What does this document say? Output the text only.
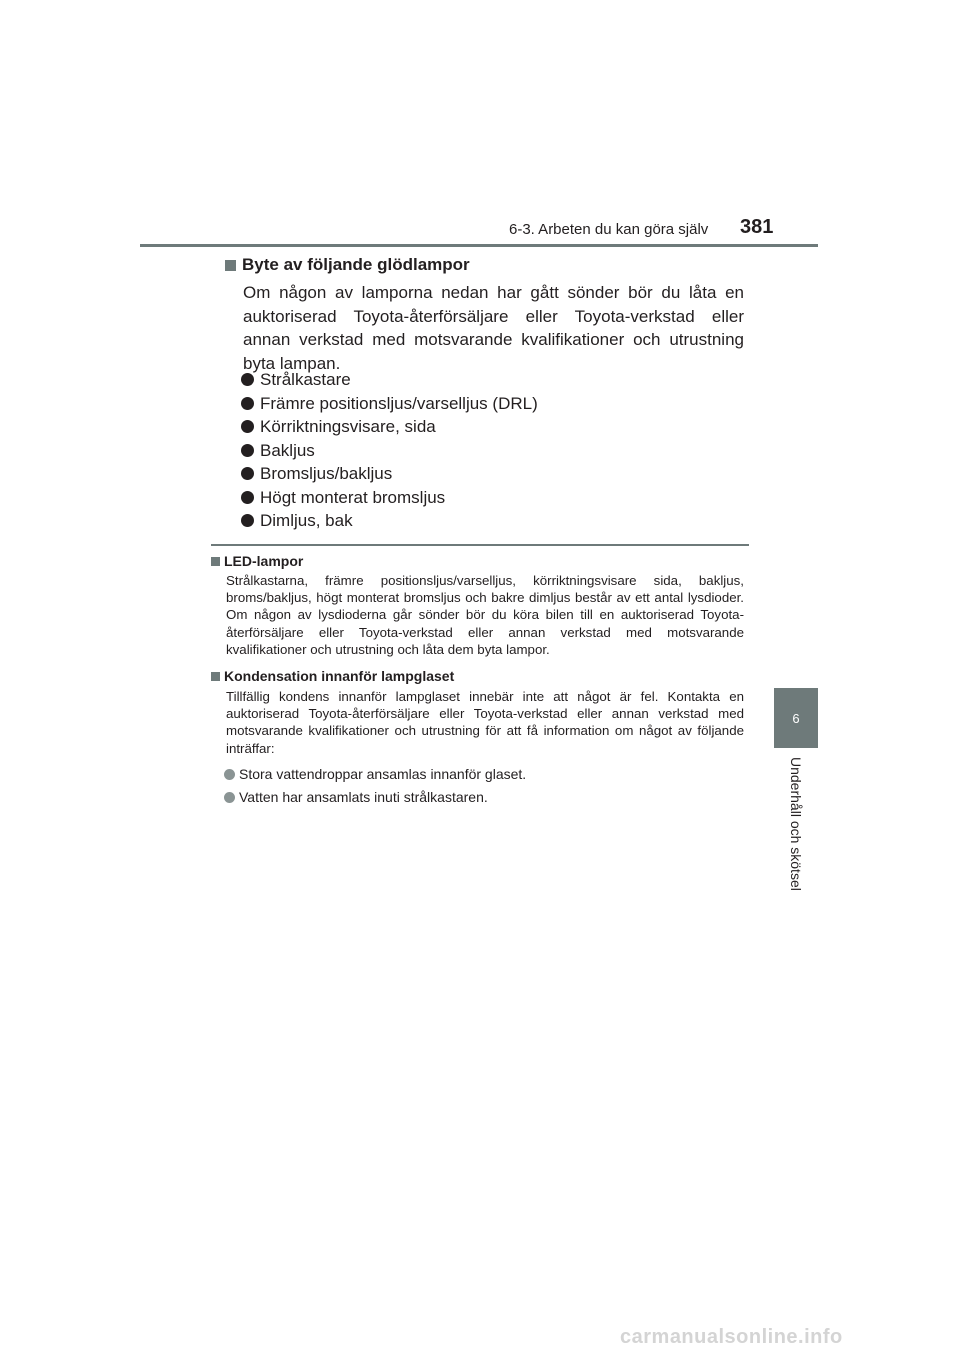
6-3. Arbeten du kan göra själv 381
6
Underhåll och skötsel
Byte av följande glödlampor
Om någon av lamporna nedan har gått sönder bör du låta en auktoriserad Toyota-återförsäljare eller Toyota-verkstad eller annan verkstad med motsvarande kvalifikationer och utrustning byta lampan.
Strålkastare
Främre positionsljus/varselljus (DRL)
Körriktningsvisare, sida
Bakljus
Bromsljus/bakljus
Högt monterat bromsljus
Dimljus, bak
LED-lampor
Strålkastarna, främre positionsljus/varselljus, körriktningsvisare sida, bakljus, broms/bakljus, högt monterat bromsljus och bakre dimljus består av ett antal lysdioder. Om någon av lysdioderna går sönder bör du köra bilen till en auktoriserad Toyota-återförsäljare eller Toyota-verkstad eller annan verkstad med motsvarande kvalifikationer och utrustning och låta dem byta lampor.
Kondensation innanför lampglaset
Tillfällig kondens innanför lampglaset innebär inte att något är fel. Kontakta en auktoriserad Toyota-återförsäljare eller Toyota-verkstad eller annan verkstad med motsvarande kvalifikationer och utrustning för att få information om något av följande inträffar:
Stora vattendroppar ansamlas innanför glaset.
Vatten har ansamlats inuti strålkastaren.
carmanualsonline.info
